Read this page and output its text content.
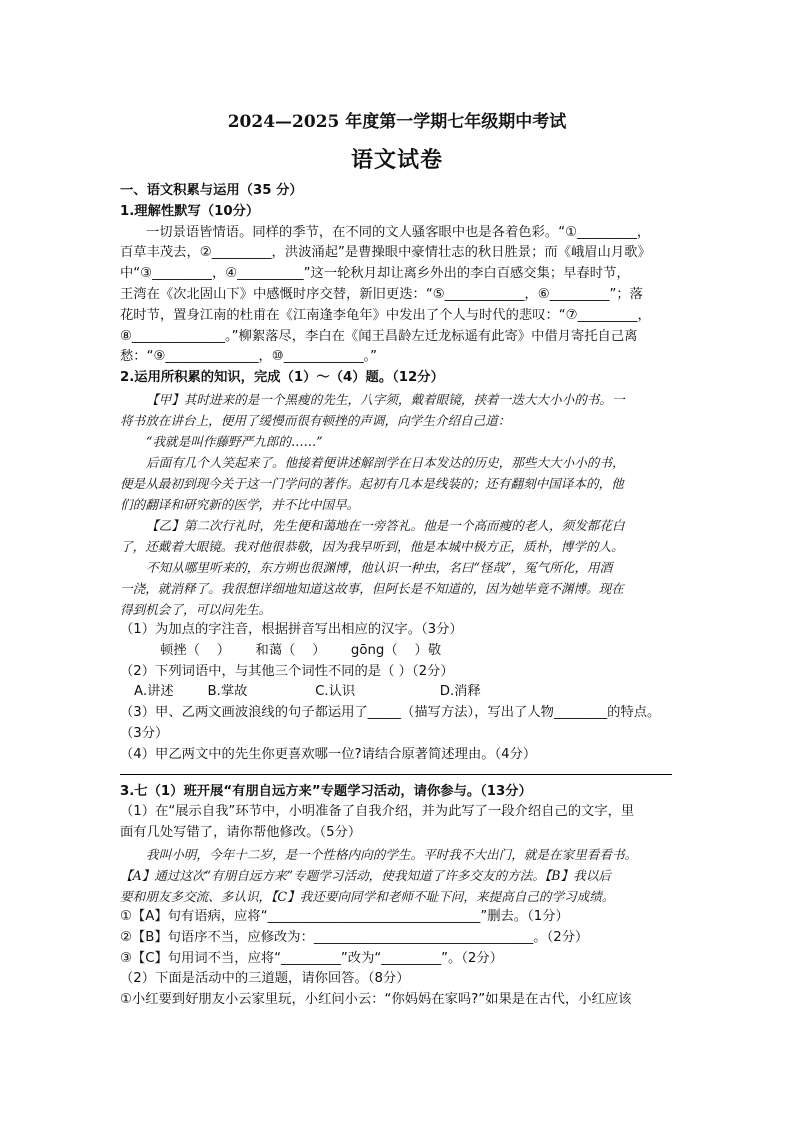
2024—2025 年度第一学期七年级期中考试
语文试卷
一、语文积累与运用（35 分）
1.理解性默写（10分）
一切景语皆情语。同样的季节，在不同的文人骚客眼中也是各着色彩。“①_________，
百草丰茂去，②_________，洪波涌起”是曹操眼中豪情壮志的秋日胜景；而《峨眉山月歌》
中“③_________，④__________”这一轮秋月却让离乡外出的李白百感交集；早春时节，
王湾在《次北固山下》中感慨时序交替，新旧更迭：“⑤____________，⑥_________”；落
花时节，置身江南的杜甫在《江南逢李龟年》中发出了个人与时代的悲叹：“⑦_________，
⑧______________。”柳絮落尽，李白在《闻王昌龄左迁龙标遥有此寄》中借月寄托自己离
愁：“⑨______________，⑩____________。”
2.运用所积累的知识，完成（1）～（4）题。（12分）
【甲】其时进来的是一个黑瘦的先生，八字须，戴着眼镜，挟着一迭大大小小的书。一
将书放在讲台上，便用了缓慢而很有顿挫的声调，向学生介绍自己道：
“我就是叫作藤野严九郎的……”
后面有几个人笑起来了。他接着便讲述解剖学在日本发达的历史，那些大大小小的书，
便是从最初到现今关于这一门学问的著作。起初有几本是线装的；还有翻刻中国译本的，他
们的翻译和研究新的医学，并不比中国早。
【乙】第二次行礼时，先生便和蔼地在一旁答礼。他是一个高而瘦的老人，须发都花白
了，还戴着大眼镜。我对他很恭敬，因为我早听到，他是本城中极方正，质朴，博学的人。
不知从哪里听来的，东方朔也很渊博，他认识一种虫，名曰“怪哉”，冤气所化，用酒
一浇，就消释了。我很想详细地知道这故事，但阿长是不知道的，因为她毕竟不渊博。现在
得到机会了，可以问先生。
（1）为加点的字注音，根据拼音写出相应的汉字。（3分）
顿挫（    ）      和蔼（    ）      gōng（    ）敬
（2）下列词语中，与其他三个词性不同的是（ ）（2分）
A.讲述        B.掌故                C.认识                    D.消释
（3）甲、乙两文画波浪线的句子都运用了_____（描写方法），写出了人物________的特点。
（3分）
（4）甲乙两文中的先生你更喜欢哪一位?请结合原著简述理由。（4分）
3.七（1）班开展“有朋自远方来”专题学习活动，请你参与。（13分）
（1）在“展示自我”环节中，小明准备了自我介绍，并为此写了一段介绍自己的文字，里
面有几处写错了，请你帮他修改。（5分）
我叫小明，今年十二岁，是一个性格内向的学生。平时我不大出门，就是在家里看看书。
【A】通过这次“有朋自远方来”专题学习活动，使我知道了许多交友的方法。【B】我以后
要和朋友多交流、多认识，【C】我还要向同学和老师不耻下问，来提高自己的学习成绩。
①【A】句有语病，应将“________________________________”删去。（1分）
②【B】句语序不当，应修改为：_________________________________。（2分）
③【C】句用词不当，应将“_________”改为“_________”。（2分）
（2）下面是活动中的三道题，请你回答。（8分）
①小红要到好朋友小云家里玩，小红问小云：“你妈妈在家吗?”如果是在古代，小红应该
